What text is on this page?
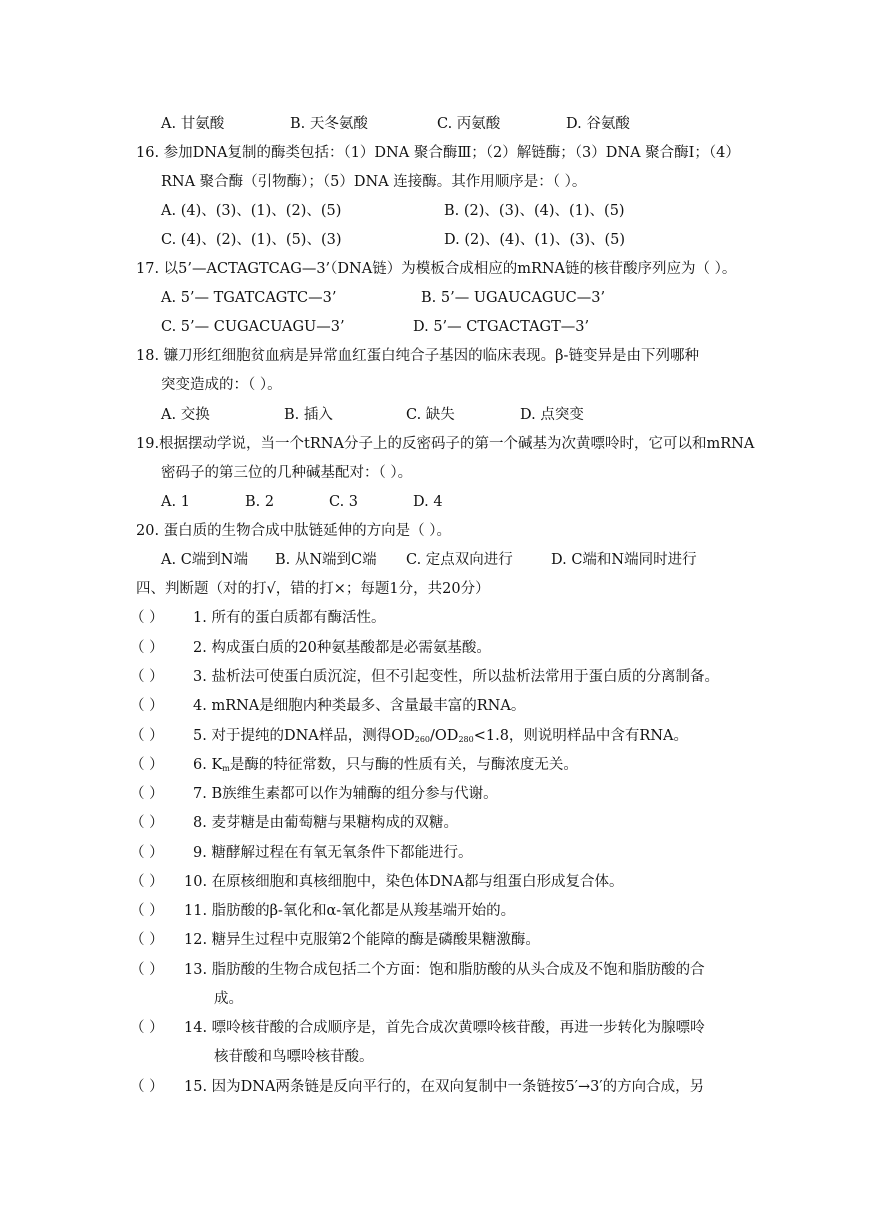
A. 甘氨酸	B. 天冬氨酸	C. 丙氨酸	D. 谷氨酸
16. 参加DNA复制的酶类包括：（1）DNA 聚合酶Ⅲ；（2）解链酶；（3）DNA 聚合酶Ⅰ；（4）
RNA 聚合酶（引物酶）；（5）DNA 连接酶。其作用顺序是：（ ）。
A. (4)、(3)、(1)、(2)、(5)	B. (2)、(3)、(4)、(1)、(5)
C. (4)、(2)、(1)、(5)、(3)	D. (2)、(4)、(1)、(3)、(5)
17. 以5’—ACTAGTCAG—3’（DNA链）为模板合成相应的mRNA链的核苷酸序列应为（ ）。
A. 5’— TGATCAGTC—3’	B. 5’— UGAUCAGUC—3’
C. 5’— CUGACUAGU—3’	D. 5’— CTGACTAGT—3’
18. 镰刀形红细胞贫血病是异常血红蛋白纯合子基因的临床表现。β-链变异是由下列哪种
突变造成的：（ ）。
A. 交换	B. 插入	C. 缺失	D. 点突变
19.根据摆动学说，当一个tRNA分子上的反密码子的第一个碱基为次黄嘌呤时，它可以和mRNA
密码子的第三位的几种碱基配对：（ ）。
A. 1	B. 2	C. 3	D. 4
20. 蛋白质的生物合成中肽链延伸的方向是（ ）。
A. C端到N端 B. 从N端到C端 C. 定点双向进行	D. C端和N端同时进行
四、判断题（对的打√，错的打×；每题1分，共20分）
（ ） 1. 所有的蛋白质都有酶活性。
（ ） 2. 构成蛋白质的20种氨基酸都是必需氨基酸。
（ ） 3. 盐析法可使蛋白质沉淀，但不引起变性，所以盐析法常用于蛋白质的分离制备。
（ ） 4. mRNA是细胞内种类最多、含量最丰富的RNA。
（ ） 5. 对于提纯的DNA样品，测得$OD_{260}/OD_{280}<1.8$，则说明样品中含有RNA。
（ ） 6. $K_m$是酶的特征常数，只与酶的性质有关，与酶浓度无关。
（ ） 7. B族维生素都可以作为辅酶的组分参与代谢。
（ ） 8. 麦芽糖是由葡萄糖与果糖构成的双糖。
（ ） 9. 糖酵解过程在有氧无氧条件下都能进行。
（ ） 10. 在原核细胞和真核细胞中，染色体DNA都与组蛋白形成复合体。
（ ） 11. 脂肪酸的β-氧化和α-氧化都是从羧基端开始的。
（ ） 12. 糖异生过程中克服第2个能障的酶是磷酸果糖激酶。
（ ） 13. 脂肪酸的生物合成包括二个方面：饱和脂肪酸的从头合成及不饱和脂肪酸的合
成。
（ ） 14. 嘌呤核苷酸的合成顺序是，首先合成次黄嘌呤核苷酸，再进一步转化为腺嘌呤
核苷酸和鸟嘌呤核苷酸。
（ ） 15. 因为DNA两条链是反向平行的，在双向复制中一条链按5′→3′的方向合成，另
